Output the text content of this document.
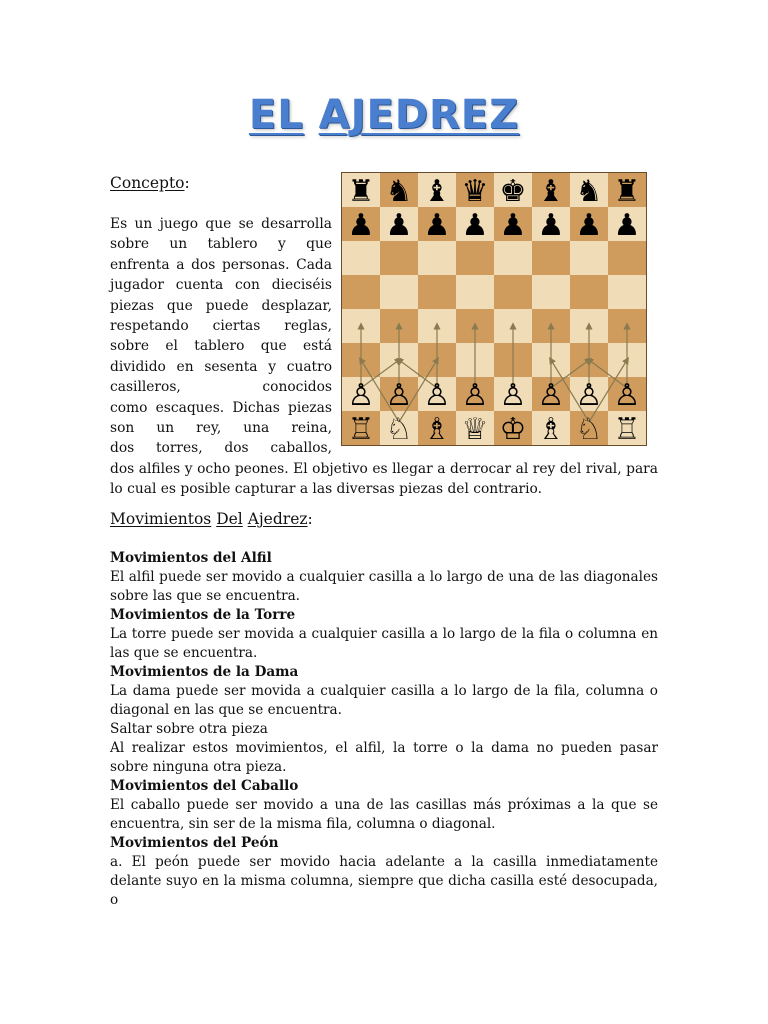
EL AJEDREZ

Concepto:

Es un juego que se desarrolla
sobre un tablero y que
enfrenta a dos personas. Cada
jugador cuenta con dieciséis
piezas que puede desplazar,
respetando ciertas reglas,
sobre el tablero que está
dividido en sesenta y cuatro
casilleros, conocidos
como escaques. Dichas piezas
son un rey, una reina,
dos torres, dos caballos,

dos alfiles y ocho peones. El objetivo es llegar a derrocar al rey del rival, para lo cual es posible capturar a las diversas piezas del contrario.

♜ ♞ ♝ ♛ ♚ ♝ ♞ ♜
♟ ♟ ♟ ♟ ♟ ♟ ♟ ♟
♙ ♙ ♙ ♙ ♙ ♙ ♙ ♙
♖ ♘ ♗ ♕ ♔ ♗ ♘ ♖

Movimientos Del Ajedrez:

Movimientos del Alfil
El alfil puede ser movido a cualquier casilla a lo largo de una de las diagonales sobre las que se encuentra.
Movimientos de la Torre
La torre puede ser movida a cualquier casilla a lo largo de la fila o columna en las que se encuentra.
Movimientos de la Dama
La dama puede ser movida a cualquier casilla a lo largo de la fila, columna o diagonal en las que se encuentra.
Saltar sobre otra pieza
Al realizar estos movimientos, el alfil, la torre o la dama no pueden pasar sobre ninguna otra pieza.
Movimientos del Caballo
El caballo puede ser movido a una de las casillas más próximas a la que se encuentra, sin ser de la misma fila, columna o diagonal.
Movimientos del Peón
a. El peón puede ser movido hacia adelante a la casilla inmediatamente delante suyo en la misma columna, siempre que dicha casilla esté desocupada, o
